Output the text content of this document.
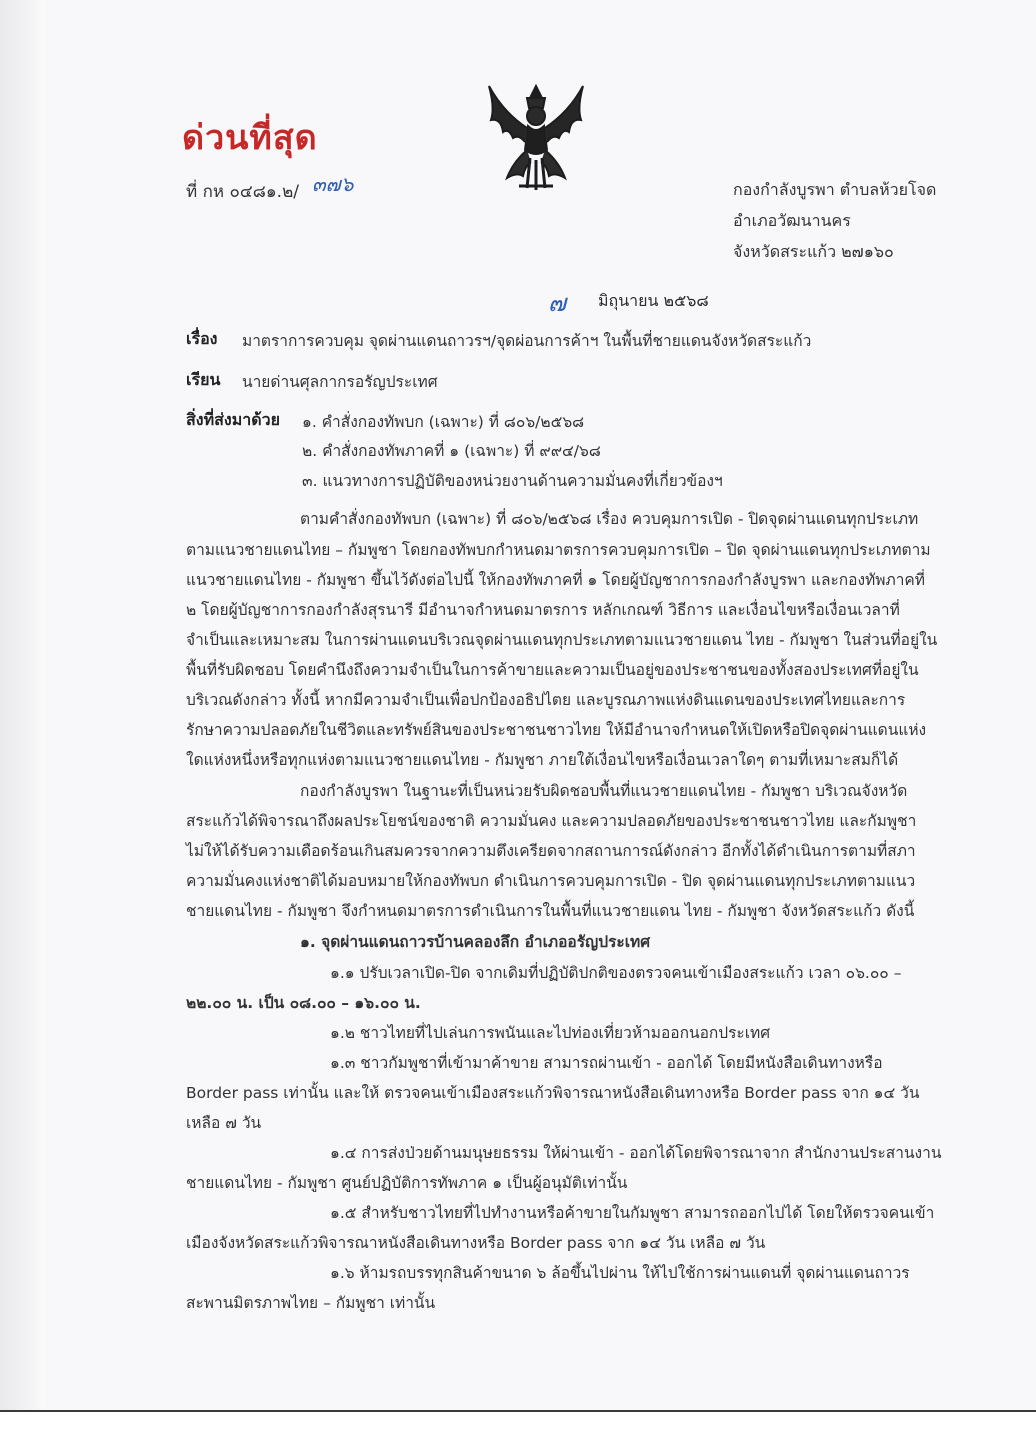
ด่วนที่สุด
ที่ กห ๐๔๘๑.๒/ ๓๗๖	กองกำลังบูรพา ตำบลห้วยโจด
อำเภอวัฒนานคร
จังหวัดสระแก้ว ๒๗๑๖๐
๗ มิถุนายน ๒๕๖๘
เรื่อง มาตราการควบคุม จุดผ่านแดนถาวรฯ/จุดผ่อนการค้าฯ ในพื้นที่ชายแดนจังหวัดสระแก้ว
เรียน นายด่านศุลกากรอรัญประเทศ
สิ่งที่ส่งมาด้วย ๑. คำสั่งกองทัพบก (เฉพาะ) ที่ ๘๐๖/๒๕๖๘
๒. คำสั่งกองทัพภาคที่ ๑ (เฉพาะ) ที่ ๙๙๔/๖๘
๓. แนวทางการปฏิบัติของหน่วยงานด้านความมั่นคงที่เกี่ยวข้องฯ
ตามคำสั่งกองทัพบก (เฉพาะ) ที่ ๘๐๖/๒๕๖๘ เรื่อง ควบคุมการเปิด - ปิดจุดผ่านแดนทุกประเภท
ตามแนวชายแดนไทย – กัมพูชา โดยกองทัพบกกำหนดมาตรการควบคุมการเปิด – ปิด จุดผ่านแดนทุกประเภทตาม
แนวชายแดนไทย - กัมพูชา ขึ้นไว้ดังต่อไปนี้ ให้กองทัพภาคที่ ๑ โดยผู้บัญชาการกองกำลังบูรพา และกองทัพภาคที่
๒ โดยผู้บัญชาการกองกำลังสุรนารี มีอำนาจกำหนดมาตรการ หลักเกณฑ์ วิธีการ และเงื่อนไขหรือเงื่อนเวลาที่
จำเป็นและเหมาะสม ในการผ่านแดนบริเวณจุดผ่านแดนทุกประเภทตามแนวชายแดน ไทย - กัมพูชา ในส่วนที่อยู่ใน
พื้นที่รับผิดชอบ โดยคำนึงถึงความจำเป็นในการค้าขายและความเป็นอยู่ของประชาชนของทั้งสองประเทศที่อยู่ใน
บริเวณดังกล่าว ทั้งนี้ หากมีความจำเป็นเพื่อปกป้องอธิปไตย และบูรณภาพแห่งดินแดนของประเทศไทยและการ
รักษาความปลอดภัยในชีวิตและทรัพย์สินของประชาชนชาวไทย ให้มีอำนาจกำหนดให้เปิดหรือปิดจุดผ่านแดนแห่ง
ใดแห่งหนึ่งหรือทุกแห่งตามแนวชายแดนไทย - กัมพูชา ภายใต้เงื่อนไขหรือเงื่อนเวลาใดๆ ตามที่เหมาะสมก็ได้
กองกำลังบูรพา ในฐานะที่เป็นหน่วยรับผิดชอบพื้นที่แนวชายแดนไทย - กัมพูชา บริเวณจังหวัด
สระแก้วได้พิจารณาถึงผลประโยชน์ของชาติ ความมั่นคง และความปลอดภัยของประชาชนชาวไทย และกัมพูชา
ไม่ให้ได้รับความเดือดร้อนเกินสมควรจากความตึงเครียดจากสถานการณ์ดังกล่าว อีกทั้งได้ดำเนินการตามที่สภา
ความมั่นคงแห่งชาติได้มอบหมายให้กองทัพบก ดำเนินการควบคุมการเปิด - ปิด จุดผ่านแดนทุกประเภทตามแนว
ชายแดนไทย - กัมพูชา จึงกำหนดมาตรการดำเนินการในพื้นที่แนวชายแดน ไทย - กัมพูชา จังหวัดสระแก้ว ดังนี้
๑. จุดผ่านแดนถาวรบ้านคลองลึก อำเภออรัญประเทศ
๑.๑ ปรับเวลาเปิด-ปิด จากเดิมที่ปฏิบัติปกติของตรวจคนเข้าเมืองสระแก้ว เวลา ๐๖.๐๐ –
๒๒.๐๐ น. เป็น ๐๘.๐๐ – ๑๖.๐๐ น.
๑.๒ ชาวไทยที่ไปเล่นการพนันและไปท่องเที่ยวห้ามออกนอกประเทศ
๑.๓ ชาวกัมพูชาที่เข้ามาค้าขาย สามารถผ่านเข้า - ออกได้ โดยมีหนังสือเดินทางหรือ
Border pass เท่านั้น และให้ ตรวจคนเข้าเมืองสระแก้วพิจารณาหนังสือเดินทางหรือ Border pass จาก ๑๔ วัน
เหลือ ๗ วัน
๑.๔ การส่งป่วยด้านมนุษยธรรม ให้ผ่านเข้า - ออกได้โดยพิจารณาจาก สำนักงานประสานงาน
ชายแดนไทย - กัมพูชา ศูนย์ปฏิบัติการทัพภาค ๑ เป็นผู้อนุมัติเท่านั้น
๑.๕ สำหรับชาวไทยที่ไปทำงานหรือค้าขายในกัมพูชา สามารถออกไปได้ โดยให้ตรวจคนเข้า
เมืองจังหวัดสระแก้วพิจารณาหนังสือเดินทางหรือ Border pass จาก ๑๔ วัน เหลือ ๗ วัน
๑.๖ ห้ามรถบรรทุกสินค้าขนาด ๖ ล้อขึ้นไปผ่าน ให้ไปใช้การผ่านแดนที่ จุดผ่านแดนถาวร
สะพานมิตรภาพไทย – กัมพูชา เท่านั้น
